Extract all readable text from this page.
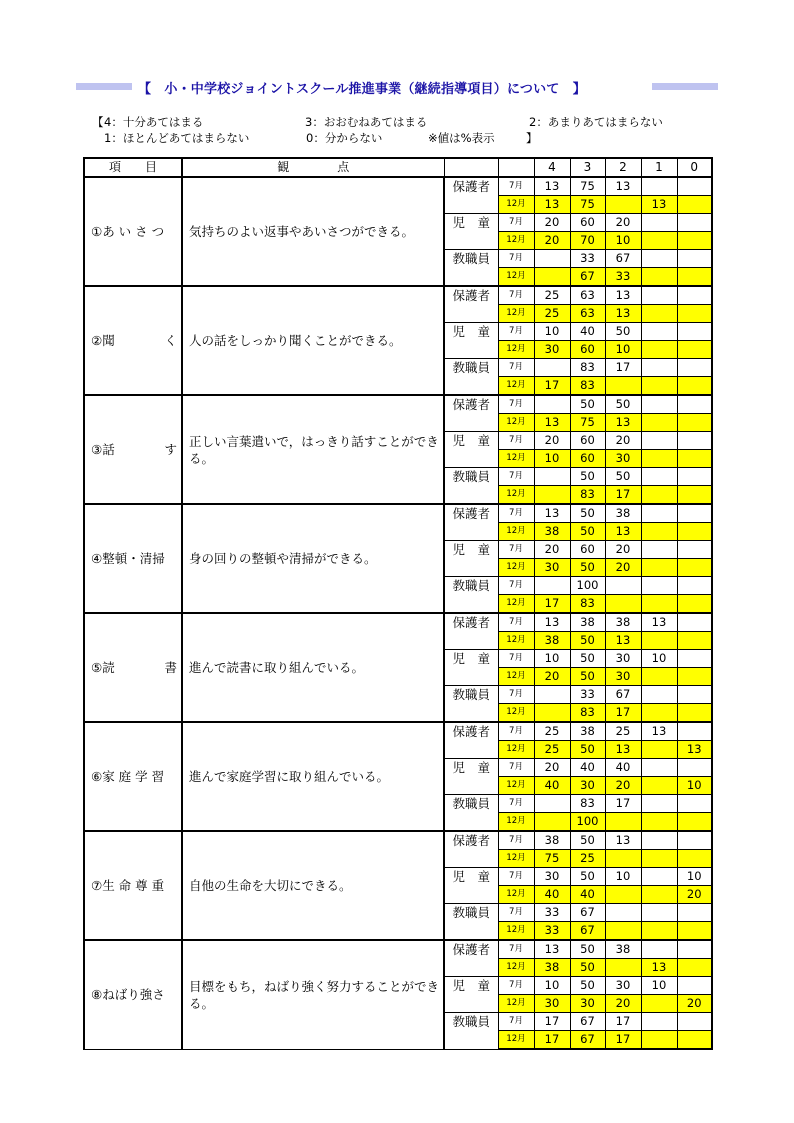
【　小・中学校ジョイントスクール推進事業（継続指導項目）について　】
【 4：十分あてはまる	3：おおむねあてはまる	2：あまりあてはまらない
1：ほとんどあてはまらない	0：分からない	※値は%表示	】
項　　目	観　　　　点			4	3	2	1	0

①あ い さ つ	気持ちのよい返事やあいさつができる。	保護者	7月	13	75	13		
			12月	13	75		13	
		児　童	7月	20	60	20		
			12月	20	70	10		
		教職員	7月		33	67		
			12月		67	33		

②聞 く	人の話をしっかり聞くことができる。	保護者	7月	25	63	13		
			12月	25	63	13		
		児　童	7月	10	40	50		
			12月	30	60	10		
		教職員	7月		83	17		
			12月	17	83			

③話 す	正しい言葉遣いで，はっきり話すことができる。	保護者	7月		50	50		
			12月	13	75	13		
		児　童	7月	20	60	20		
			12月	10	60	30		
		教職員	7月		50	50		
			12月		83	17		

④整頓・清掃	身の回りの整頓や清掃ができる。	保護者	7月	13	50	38		
			12月	38	50	13		
		児　童	7月	20	60	20		
			12月	30	50	20		
		教職員	7月		100			
			12月	17	83			

⑤読 書	進んで読書に取り組んでいる。	保護者	7月	13	38	38	13	
			12月	38	50	13		
		児　童	7月	10	50	30	10	
			12月	20	50	30		
		教職員	7月		33	67		
			12月		83	17		

⑥家 庭 学 習	進んで家庭学習に取り組んでいる。	保護者	7月	25	38	25	13	
			12月	25	50	13		13
		児　童	7月	20	40	40		
			12月	40	30	20		10
		教職員	7月		83	17		
			12月		100			

⑦生 命 尊 重	自他の生命を大切にできる。	保護者	7月	38	50	13		
			12月	75	25			
		児　童	7月	30	50	10		10
			12月	40	40			20
		教職員	7月	33	67			
			12月	33	67			

⑧ねばり強さ	目標をもち，ねばり強く努力することができる。	保護者	7月	13	50	38		
			12月	38	50		13	
		児　童	7月	10	50	30	10	
			12月	30	30	20		20
		教職員	7月	17	67	17		
			12月	17	67	17		
